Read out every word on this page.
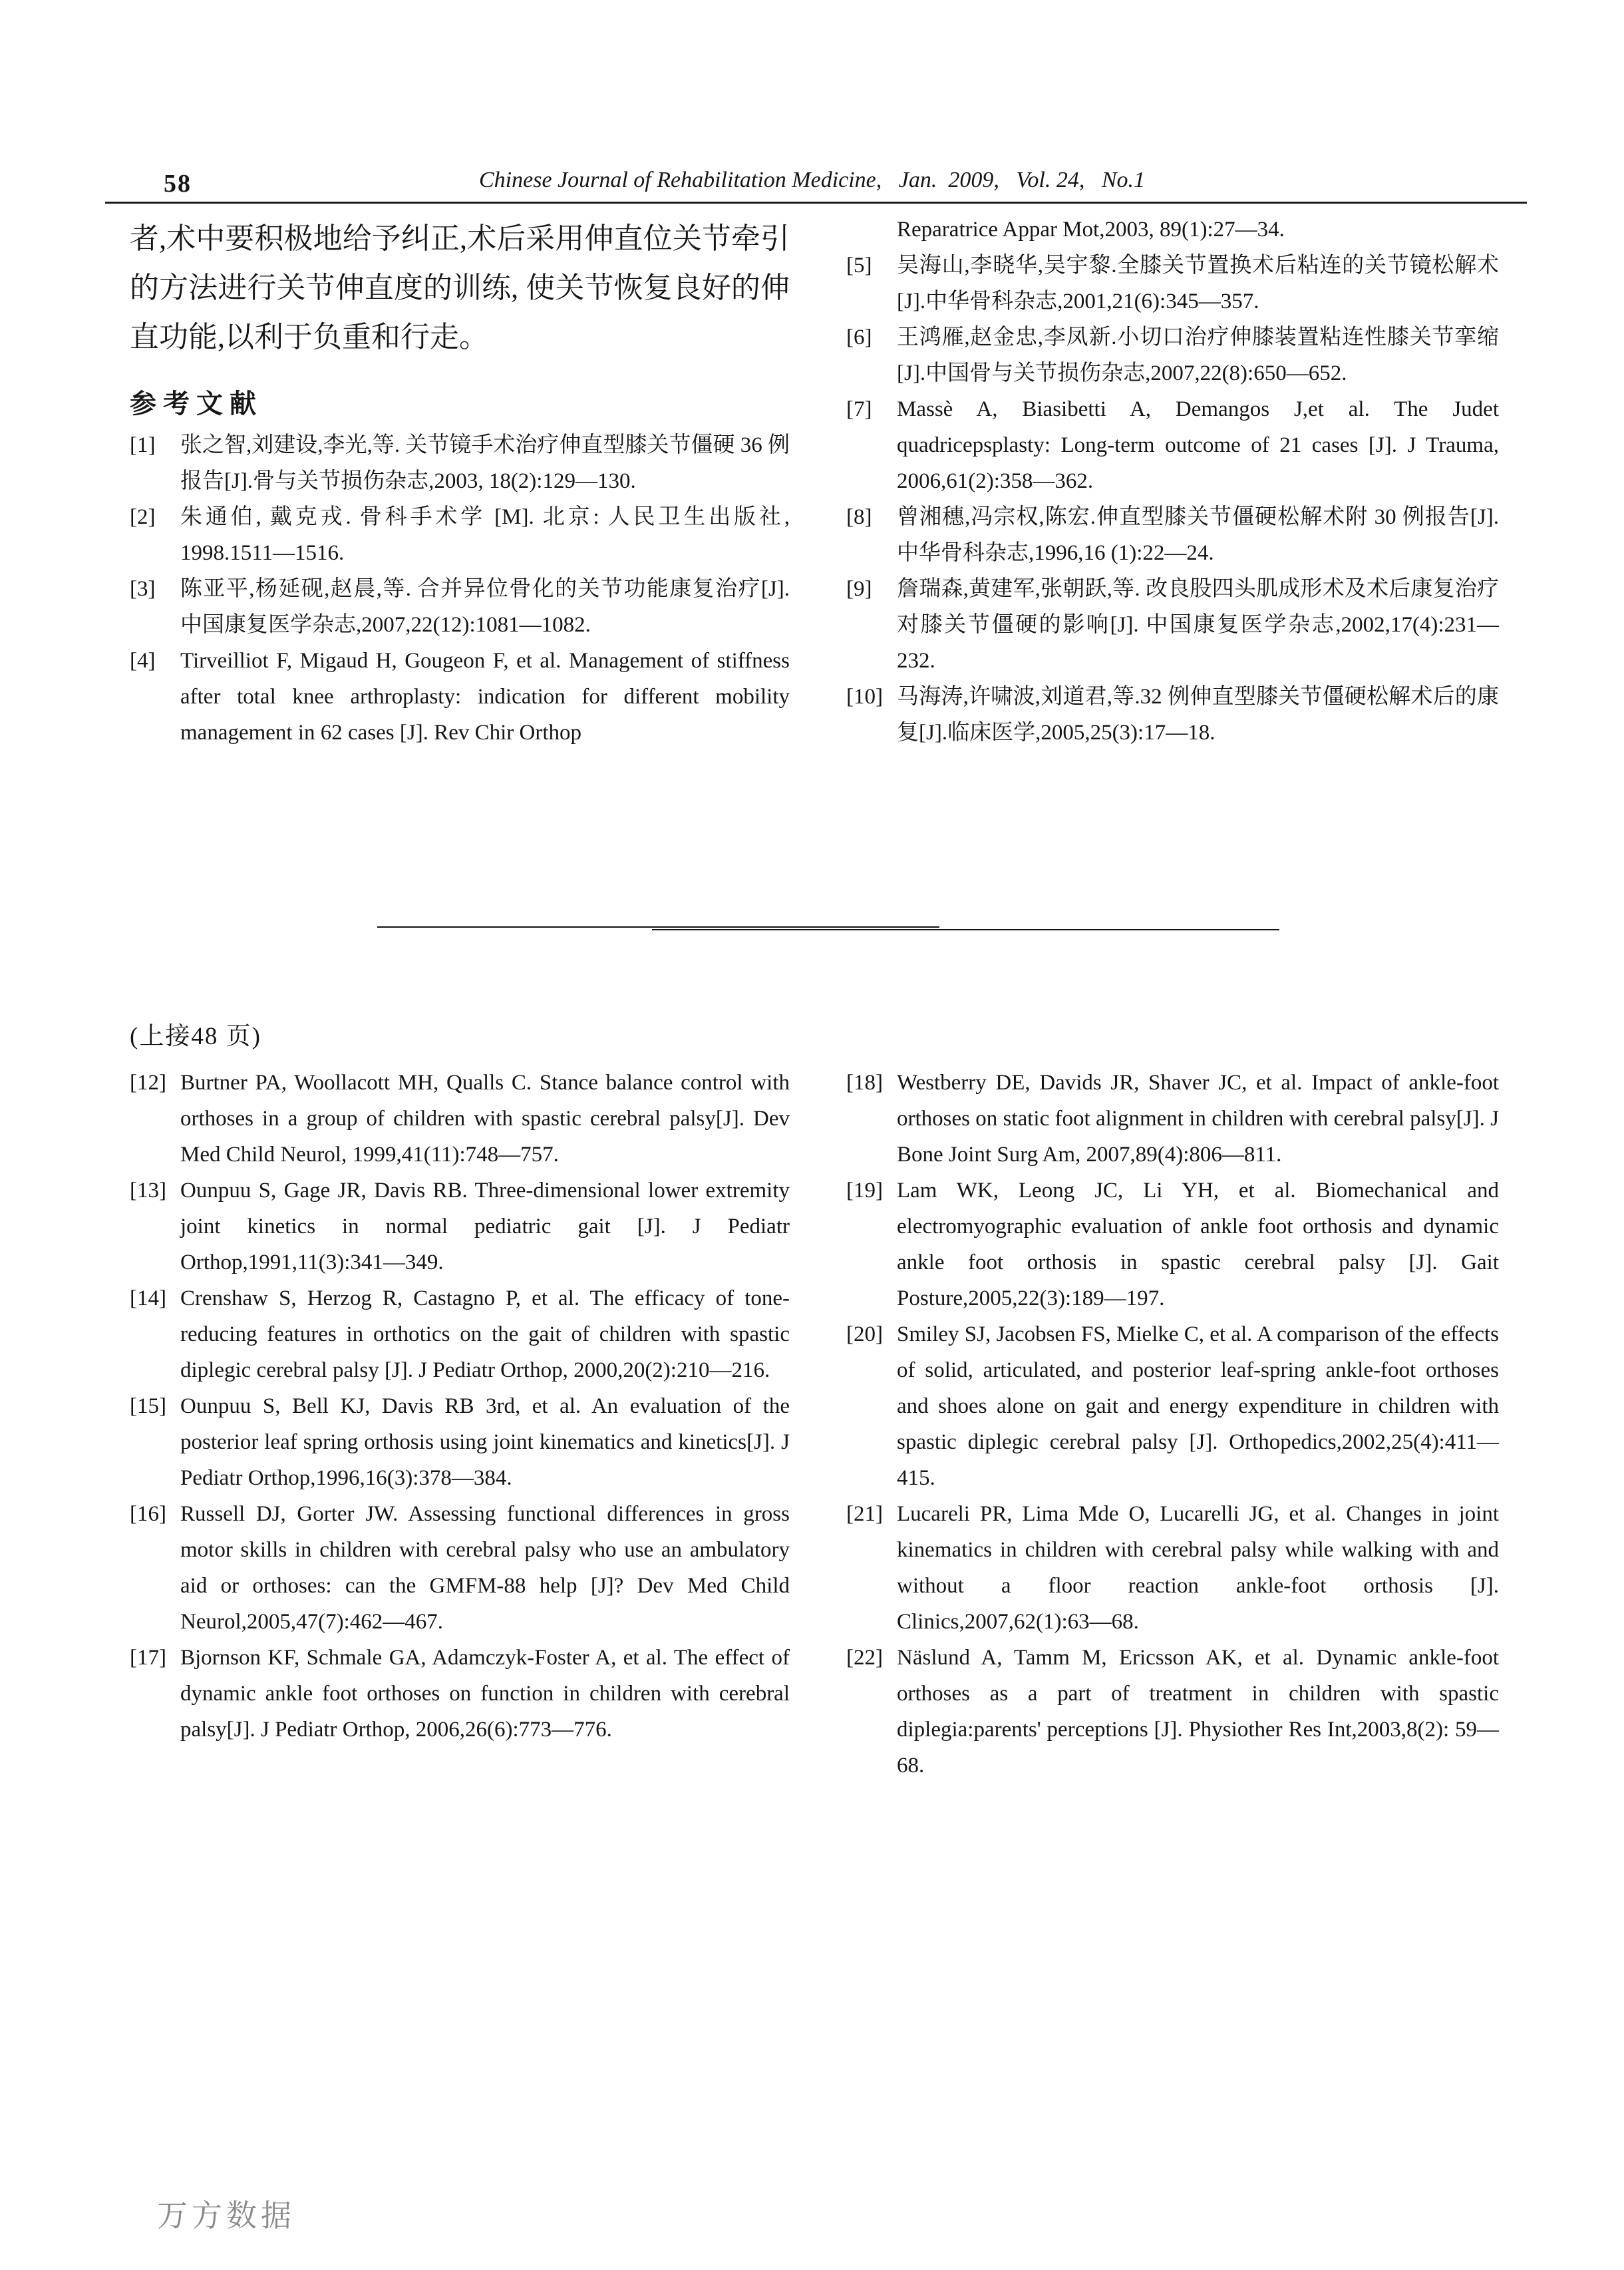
58	Chinese Journal of Rehabilitation Medicine,   Jan.  2009,   Vol. 24,   No.1

者,术中要积极地给予纠正,术后采用伸直位关节牵引的方法进行关节伸直度的训练, 使关节恢复良好的伸直功能,以利于负重和行走。

参考文献
[1] 张之智,刘建设,李光,等. 关节镜手术治疗伸直型膝关节僵硬 36 例报告[J].骨与关节损伤杂志,2003, 18(2):129—130.
[2] 朱通伯, 戴克戎. 骨科手术学 [M]. 北京: 人民卫生出版社, 1998.1511—1516.
[3] 陈亚平,杨延砚,赵晨,等. 合并异位骨化的关节功能康复治疗[J]. 中国康复医学杂志,2007,22(12):1081—1082.
[4] Tirveilliot F, Migaud H, Gougeon F, et al. Management of stiffness after total knee arthroplasty: indication for different mobility management in 62 cases [J]. Rev Chir Orthop
Reparatrice Appar Mot,2003, 89(1):27—34.
[5] 吴海山,李晓华,吴宇黎.全膝关节置换术后粘连的关节镜松解术[J].中华骨科杂志,2001,21(6):345—357.
[6] 王鸿雁,赵金忠,李凤新.小切口治疗伸膝装置粘连性膝关节挛缩[J].中国骨与关节损伤杂志,2007,22(8):650—652.
[7] Massè A, Biasibetti A, Demangos J,et al. The Judet quadricepsplasty: Long-term outcome of 21 cases [J]. J Trauma, 2006,61(2):358—362.
[8] 曾湘穗,冯宗权,陈宏.伸直型膝关节僵硬松解术附 30 例报告[J]. 中华骨科杂志,1996,16 (1):22—24.
[9] 詹瑞森,黄建军,张朝跃,等. 改良股四头肌成形术及术后康复治疗对膝关节僵硬的影响[J]. 中国康复医学杂志,2002,17(4):231—232.
[10] 马海涛,许啸波,刘道君,等.32 例伸直型膝关节僵硬松解术后的康复[J].临床医学,2005,25(3):17—18.
(上接48 页)
[12] Burtner PA, Woollacott MH, Qualls C. Stance balance control with orthoses in a group of children with spastic cerebral palsy[J]. Dev Med Child Neurol, 1999,41(11):748—757.
[13] Ounpuu S, Gage JR, Davis RB. Three-dimensional lower extremity joint kinetics in normal pediatric gait [J]. J Pediatr Orthop,1991,11(3):341—349.
[14] Crenshaw S, Herzog R, Castagno P, et al. The efficacy of tone-reducing features in orthotics on the gait of children with spastic diplegic cerebral palsy [J]. J Pediatr Orthop, 2000,20(2):210—216.
[15] Ounpuu S, Bell KJ, Davis RB 3rd, et al. An evaluation of the posterior leaf spring orthosis using joint kinematics and kinetics[J]. J Pediatr Orthop,1996,16(3):378—384.
[16] Russell DJ, Gorter JW. Assessing functional differences in gross motor skills in children with cerebral palsy who use an ambulatory aid or orthoses: can the GMFM-88 help [J]? Dev Med Child Neurol,2005,47(7):462—467.
[17] Bjornson KF, Schmale GA, Adamczyk-Foster A, et al. The effect of dynamic ankle foot orthoses on function in children with cerebral palsy[J]. J Pediatr Orthop, 2006,26(6):773—776.
[18] Westberry DE, Davids JR, Shaver JC, et al. Impact of ankle-foot orthoses on static foot alignment in children with cerebral palsy[J]. J Bone Joint Surg Am, 2007,89(4):806—811.
[19] Lam WK, Leong JC, Li YH, et al. Biomechanical and electromyographic evaluation of ankle foot orthosis and dynamic ankle foot orthosis in spastic cerebral palsy [J]. Gait Posture,2005,22(3):189—197.
[20] Smiley SJ, Jacobsen FS, Mielke C, et al. A comparison of the effects of solid, articulated, and posterior leaf-spring ankle-foot orthoses and shoes alone on gait and energy expenditure in children with spastic diplegic cerebral palsy [J]. Orthopedics,2002,25(4):411—415.
[21] Lucareli PR, Lima Mde O, Lucarelli JG, et al. Changes in joint kinematics in children with cerebral palsy while walking with and without a floor reaction ankle-foot orthosis [J]. Clinics,2007,62(1):63—68.
[22] Näslund A, Tamm M, Ericsson AK, et al. Dynamic ankle-foot orthoses as a part of treatment in children with spastic diplegia:parents' perceptions [J]. Physiother Res Int,2003,8(2): 59—68.
万方数据
